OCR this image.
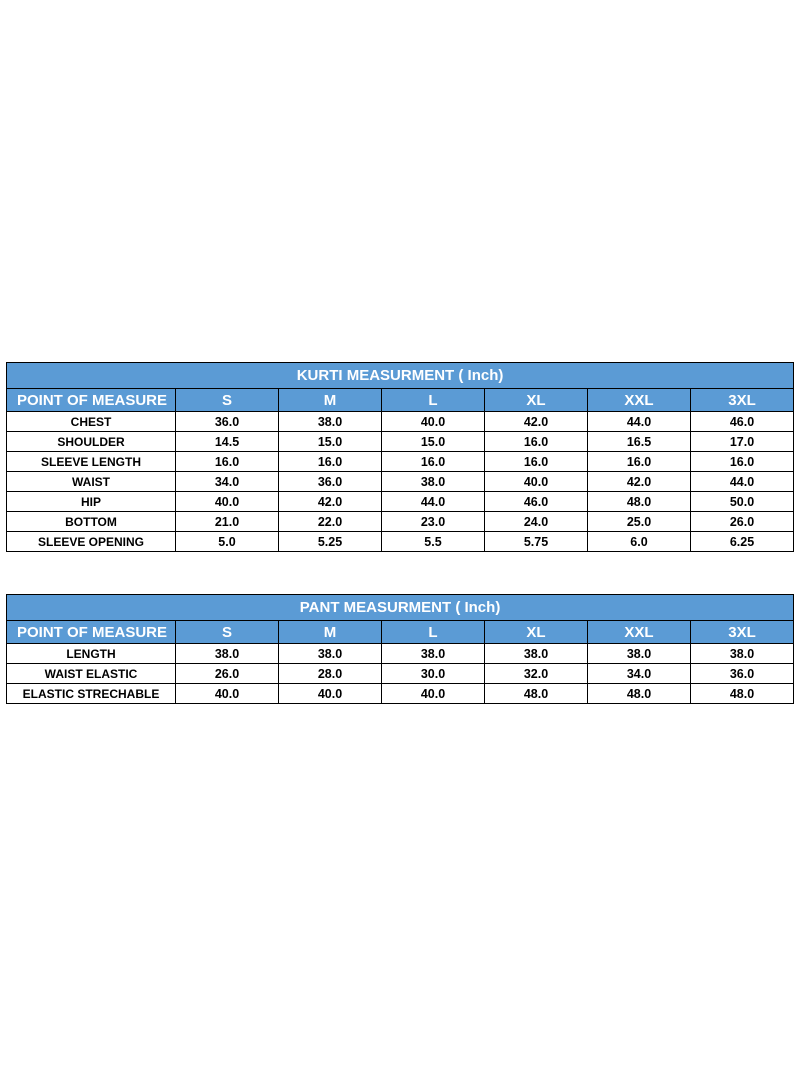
KURTI MEASURMENT ( Inch)						
POINT OF MEASURE	S	M	L	XL	XXL	3XL
CHEST	36.0	38.0	40.0	42.0	44.0	46.0
SHOULDER	14.5	15.0	15.0	16.0	16.5	17.0
SLEEVE LENGTH	16.0	16.0	16.0	16.0	16.0	16.0
WAIST	34.0	36.0	38.0	40.0	42.0	44.0
HIP	40.0	42.0	44.0	46.0	48.0	50.0
BOTTOM	21.0	22.0	23.0	24.0	25.0	26.0
SLEEVE OPENING	5.0	5.25	5.5	5.75	6.0	6.25
PANT MEASURMENT ( Inch)						
POINT OF MEASURE	S	M	L	XL	XXL	3XL
LENGTH	38.0	38.0	38.0	38.0	38.0	38.0
WAIST ELASTIC	26.0	28.0	30.0	32.0	34.0	36.0
ELASTIC STRECHABLE	40.0	40.0	40.0	48.0	48.0	48.0
